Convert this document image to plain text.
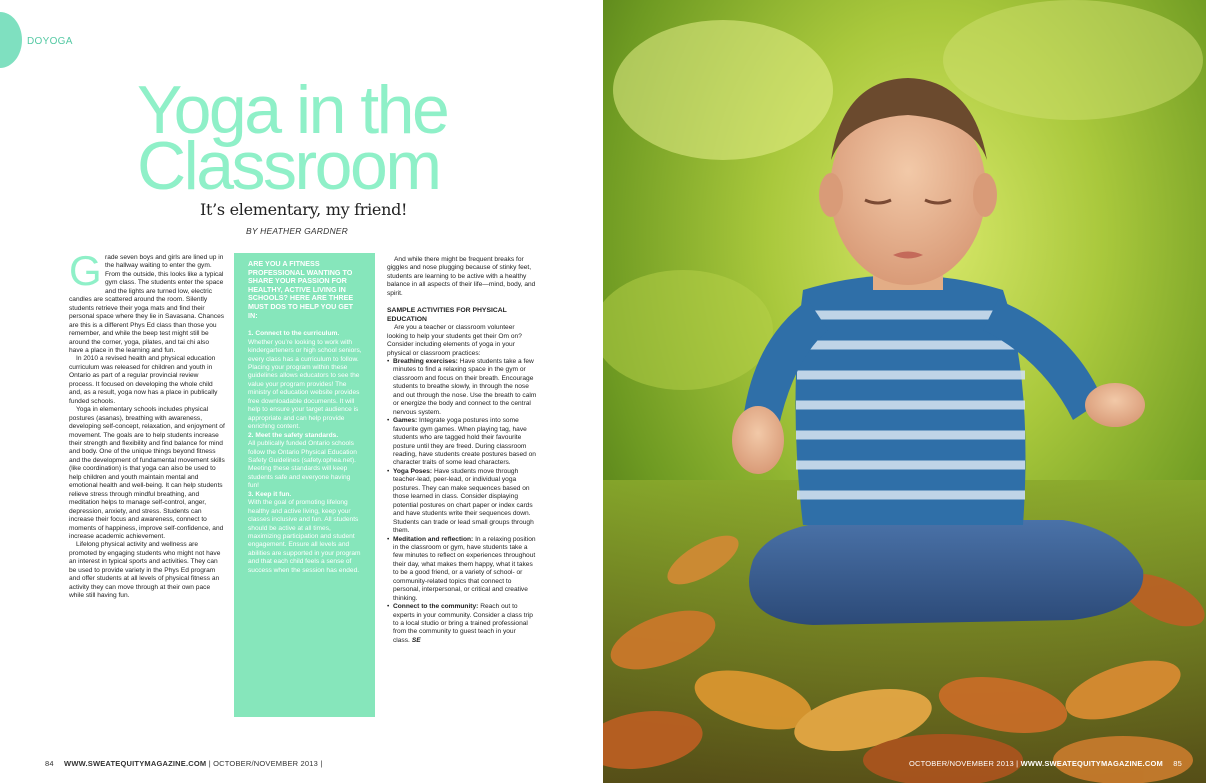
DOYOGA
Yoga in the
Classroom
It’s elementary, my friend!
BY HEATHER GARDNER
G rade seven boys and girls are lined up in the hallway waiting to enter the gym. From the outside, this looks like a typical gym class. The students enter the space and the lights are turned low, electric candles are scattered around the room. Silently students retrieve their yoga mats and find their personal space where they lie in Savasana. Chances are this is a different Phys Ed class than those you remember, and while the beep test might still be around the corner, yoga, pilates, and tai chi also have a place in the learning and fun.

In 2010 a revised health and physical education curriculum was released for children and youth in Ontario as part of a regular provincial review process. It focused on developing the whole child and, as a result, yoga now has a place in publically funded schools.

Yoga in elementary schools includes physical postures (asanas), breathing with awareness, developing self-concept, relaxation, and enjoyment of movement. The goals are to help students increase their strength and flexibility and find balance for mind and body. One of the unique things beyond fitness and the development of fundamental movement skills (like coordination) is that yoga can also be used to help children and youth maintain mental and emotional health and well-being. It can help students relieve stress through mindful breathing, and meditation helps to manage self-control, anger, depression, anxiety, and stress. Students can increase their focus and awareness, connect to moments of happiness, improve self-confidence, and increase academic achievement.

Lifelong physical activity and wellness are promoted by engaging students who might not have an interest in typical sports and activities. They can be used to provide variety in the Phys Ed program and offer students at all levels of physical fitness an activity they can move through at their own pace while still having fun.

ARE YOU A FITNESS PROFESSIONAL WANTING TO SHARE YOUR PASSION FOR HEALTHY, ACTIVE LIVING IN SCHOOLS? HERE ARE THREE MUST DOS TO HELP YOU GET IN:
1. Connect to the curriculum.
Whether you’re looking to work with kindergarteners or high school seniors, every class has a curriculum to follow. Placing your program within these guidelines allows educators to see the value your program provides! The ministry of education website provides free downloadable documents. It will help to ensure your target audience is appropriate and can help provide enriching content.
2. Meet the safety standards.
All publically funded Ontario schools follow the Ontario Physical Education Safety Guidelines (safety.ophea.net). Meeting these standards will keep students safe and everyone having fun!
3. Keep it fun.
With the goal of promoting lifelong healthy and active living, keep your classes inclusive and fun. All students should be active at all times, maximizing participation and student engagement. Ensure all levels and abilities are supported in your program and that each child feels a sense of success when the session has ended.

And while there might be frequent breaks for giggles and nose plugging because of stinky feet, students are learning to be active with a healthy balance in all aspects of their life—mind, body, and spirit.

SAMPLE ACTIVITIES FOR PHYSICAL EDUCATION

Are you a teacher or classroom volunteer looking to help your students get their Om on? Consider including elements of yoga in your physical or classroom practices:

• Breathing exercises: Have students take a few minutes to find a relaxing space in the gym or classroom and focus on their breath. Encourage students to breathe slowly, in through the nose and out through the nose. Use the breath to calm or energize the body and connect to the central nervous system.

• Games: Integrate yoga postures into some favourite gym games. When playing tag, have students who are tagged hold their favourite posture until they are freed. During classroom reading, have students create postures based on character traits of some lead characters.

• Yoga Poses: Have students move through teacher-lead, peer-lead, or individual yoga postures. They can make sequences based on those learned in class. Consider displaying potential postures on chart paper or index cards and have students write their sequences down. Students can trade or lead small groups through them.

• Meditation and reflection: In a relaxing position in the classroom or gym, have students take a few minutes to reflect on experiences throughout their day, what makes them happy, what it takes to be a good friend, or a variety of school- or community-related topics that connect to personal, interpersonal, or critical and creative thinking.

• Connect to the community: Reach out to experts in your community. Consider a class trip to a local studio or bring a trained professional from the community to guest teach in your class. SE

84 WWW.SWEATEQUITYMAGAZINE.COM | OCTOBER/NOVEMBER 2013 |	OCTOBER/NOVEMBER 2013 | WWW.SWEATEQUITYMAGAZINE.COM 85
